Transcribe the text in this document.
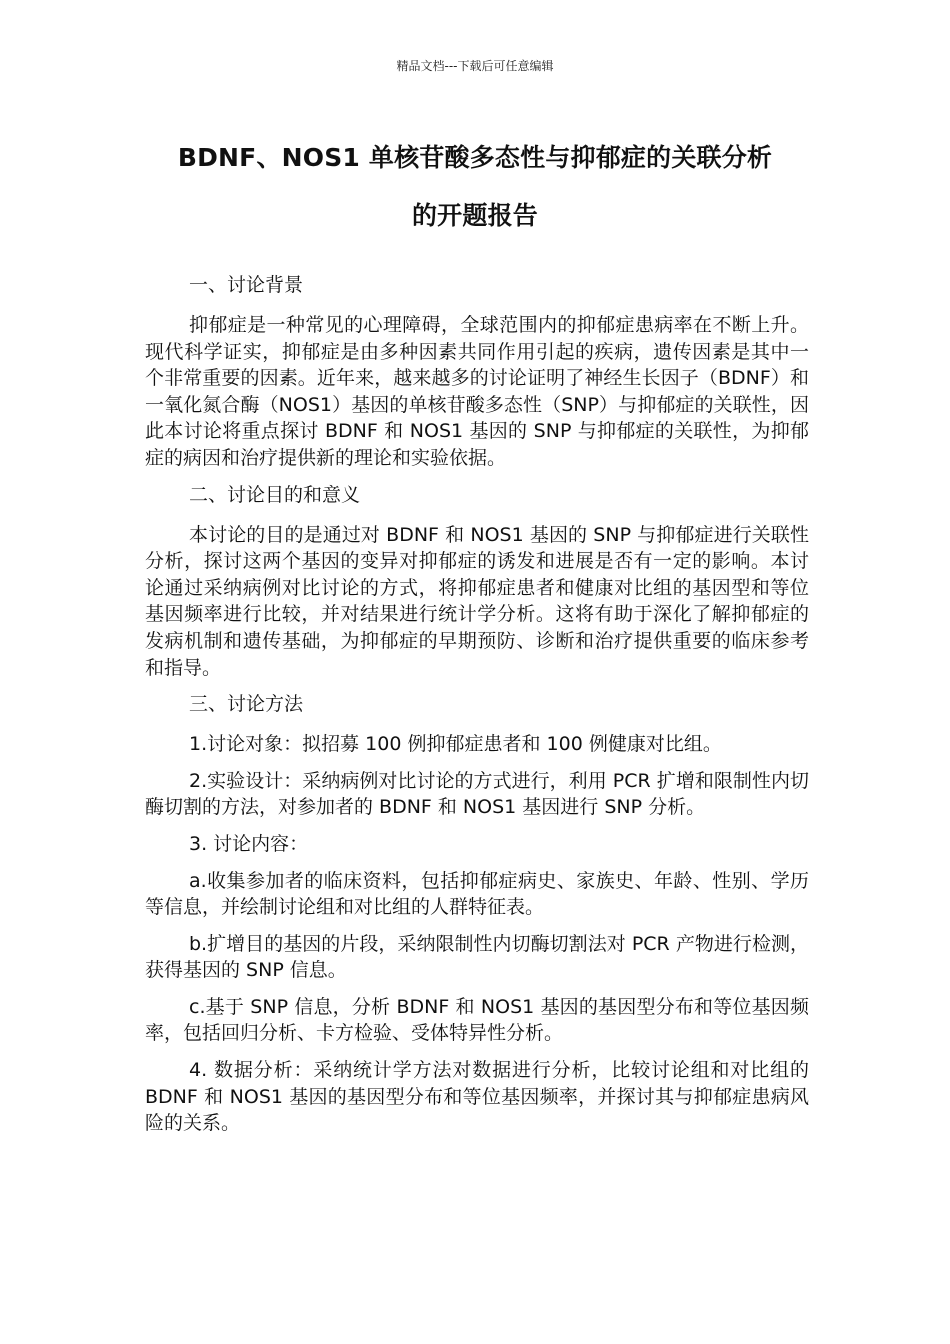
精品文档---下载后可任意编辑
BDNF、NOS1 单核苷酸多态性与抑郁症的关联分析
的开题报告

一、讨论背景

抑郁症是一种常见的心理障碍，全球范围内的抑郁症患病率在不断上升。现代科学证实，抑郁症是由多种因素共同作用引起的疾病，遗传因素是其中一个非常重要的因素。近年来，越来越多的讨论证明了神经生长因子（BDNF）和一氧化氮合酶（NOS1）基因的单核苷酸多态性（SNP）与抑郁症的关联性，因此本讨论将重点探讨 BDNF 和 NOS1 基因的 SNP 与抑郁症的关联性，为抑郁症的病因和治疗提供新的理论和实验依据。

二、讨论目的和意义

本讨论的目的是通过对 BDNF 和 NOS1 基因的 SNP 与抑郁症进行关联性分析，探讨这两个基因的变异对抑郁症的诱发和进展是否有一定的影响。本讨论通过采纳病例对比讨论的方式，将抑郁症患者和健康对比组的基因型和等位基因频率进行比较，并对结果进行统计学分析。这将有助于深化了解抑郁症的发病机制和遗传基础，为抑郁症的早期预防、诊断和治疗提供重要的临床参考和指导。

三、讨论方法

1.讨论对象：拟招募 100 例抑郁症患者和 100 例健康对比组。

2.实验设计：采纳病例对比讨论的方式进行，利用 PCR 扩增和限制性内切酶切割的方法，对参加者的 BDNF 和 NOS1 基因进行 SNP 分析。

3. 讨论内容：

a.收集参加者的临床资料，包括抑郁症病史、家族史、年龄、性别、学历等信息，并绘制讨论组和对比组的人群特征表。

b.扩增目的基因的片段，采纳限制性内切酶切割法对 PCR 产物进行检测，获得基因的 SNP 信息。

c.基于 SNP 信息，分析 BDNF 和 NOS1 基因的基因型分布和等位基因频率，包括回归分析、卡方检验、受体特异性分析。

4. 数据分析：采纳统计学方法对数据进行分析，比较讨论组和对比组的 BDNF 和 NOS1 基因的基因型分布和等位基因频率，并探讨其与抑郁症患病风险的关系。
